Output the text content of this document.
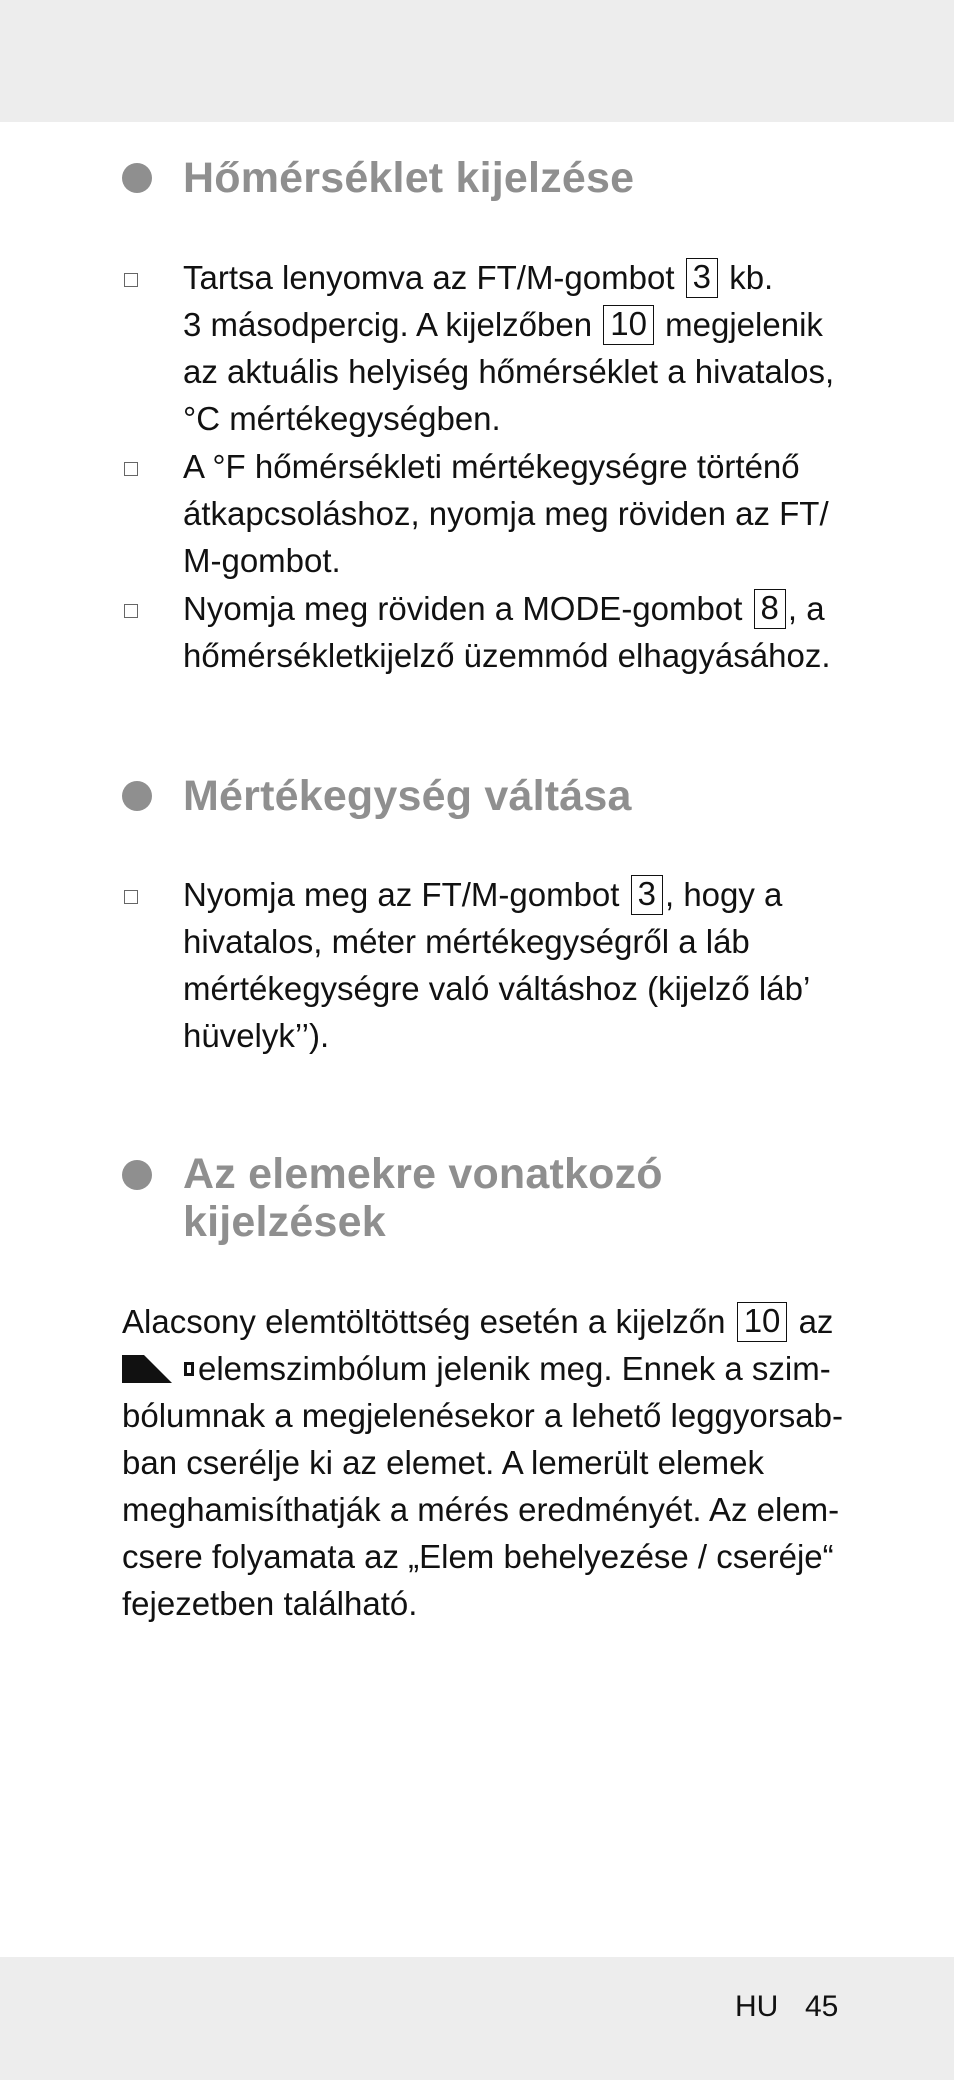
Hőmérséklet kijelzése
Tartsa lenyomva az FT/M-gombot 3 kb.
3 másodpercig. A kijelzőben 10 megjelenik
az aktuális helyiség hőmérséklet a hivatalos,
°C mértékegységben.
A °F hőmérsékleti mértékegységre történő
átkapcsoláshoz, nyomja meg röviden az FT/
M-gombot.
Nyomja meg röviden a MODE-gombot 8 , a
hőmérsékletkijelző üzemmód elhagyásához.
Mértékegység váltása
Nyomja meg az FT/M-gombot 3 , hogy a
hivatalos, méter mértékegységről a láb
mértékegységre való váltáshoz (kijelző láb’
hüvelyk’’).
Az elemekre vonatkozó
kijelzések
Alacsony elemtöltöttség esetén a kijelzőn 10 az
elemszimbólum jelenik meg. Ennek a szim-
bólumnak a megjelenésekor a lehető leggyorsab-
ban cserélje ki az elemet. A lemerült elemek
meghamisíthatják a mérés eredményét. Az elem-
csere folyamata az „Elem behelyezése / cseréje“
fejezetben található.
HU 45
